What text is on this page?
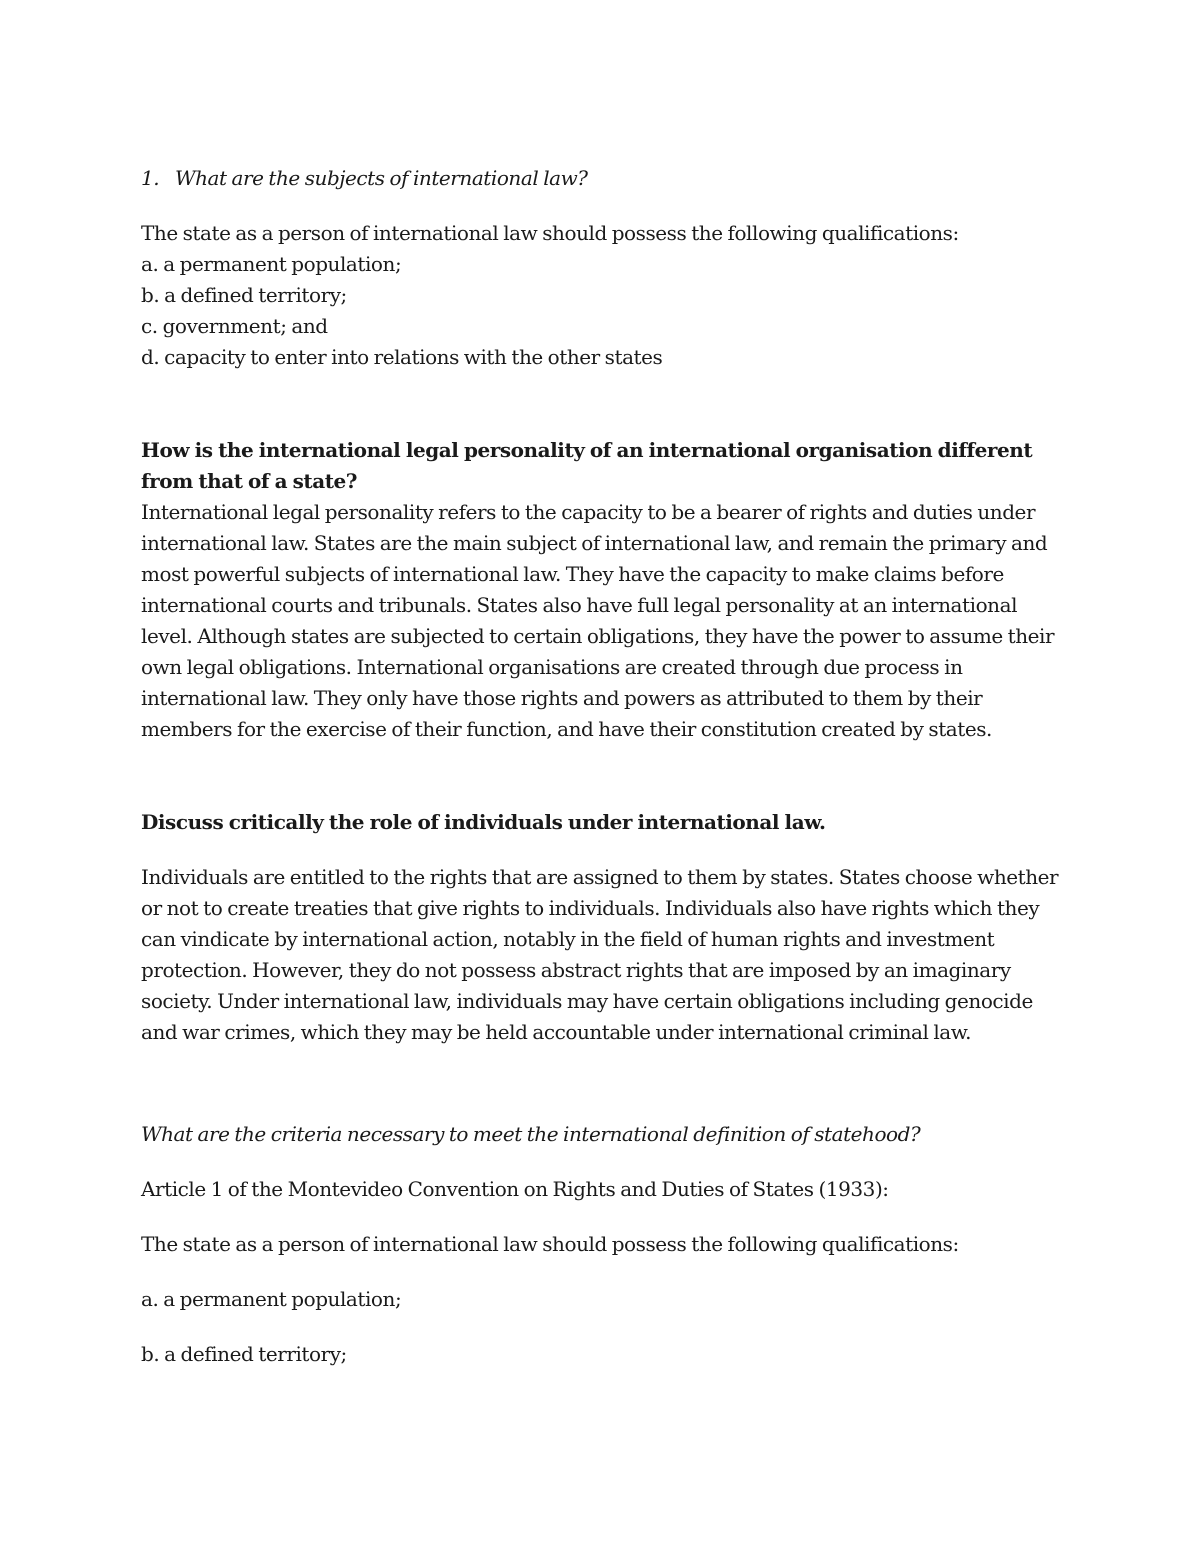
1. What are the subjects of international law?

The state as a person of international law should possess the following qualifications:

a. a permanent population;

b. a defined territory;

c. government; and

d. capacity to enter into relations with the other states

How is the international legal personality of an international organisation different from that of a state?

International legal personality refers to the capacity to be a bearer of rights and duties under international law. States are the main subject of international law, and remain the primary and most powerful subjects of international law. They have the capacity to make claims before international courts and tribunals. States also have full legal personality at an international level. Although states are subjected to certain obligations, they have the power to assume their own legal obligations. International organisations are created through due process in international law. They only have those rights and powers as attributed to them by their members for the exercise of their function, and have their constitution created by states.

Discuss critically the role of individuals under international law.

Individuals are entitled to the rights that are assigned to them by states. States choose whether or not to create treaties that give rights to individuals. Individuals also have rights which they can vindicate by international action, notably in the field of human rights and investment protection. However, they do not possess abstract rights that are imposed by an imaginary society. Under international law, individuals may have certain obligations including genocide and war crimes, which they may be held accountable under international criminal law.

What are the criteria necessary to meet the international definition of statehood?

Article 1 of the Montevideo Convention on Rights and Duties of States (1933):

The state as a person of international law should possess the following qualifications:

a. a permanent population;

b. a defined territory;
